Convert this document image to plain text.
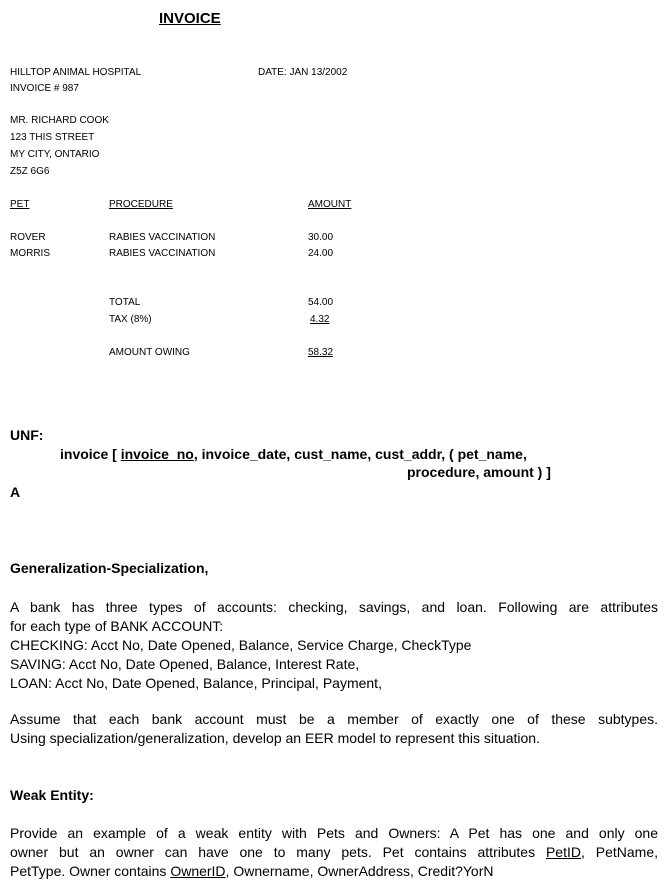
INVOICE
HILLTOP ANIMAL HOSPITAL	DATE: JAN 13/2002
INVOICE # 987
MR. RICHARD COOK
123 THIS STREET
MY CITY, ONTARIO
Z5Z 6G6
PET	PROCEDURE	AMOUNT
ROVER	RABIES VACCINATION	30.00
MORRIS	RABIES VACCINATION	24.00
TOTAL	54.00
TAX (8%)	4.32
AMOUNT OWING	58.32
UNF:
invoice [ invoice_no, invoice_date, cust_name, cust_addr, ( pet_name,
procedure, amount ) ]
A
Generalization-Specialization,
A bank has three types of accounts: checking, savings, and loan. Following are attributes
for each type of BANK ACCOUNT:
CHECKING: Acct No, Date Opened, Balance, Service Charge, CheckType
SAVING: Acct No, Date Opened, Balance, Interest Rate,
LOAN: Acct No, Date Opened, Balance, Principal, Payment,
Assume that each bank account must be a member of exactly one of these subtypes.
Using specialization/generalization, develop an EER model to represent this situation.
Weak Entity:
Provide an example of a weak entity with Pets and Owners: A Pet has one and only one
owner but an owner can have one to many pets. Pet contains attributes PetID, PetName,
PetType. Owner contains OwnerID, Ownername, OwnerAddress, Credit?YorN
